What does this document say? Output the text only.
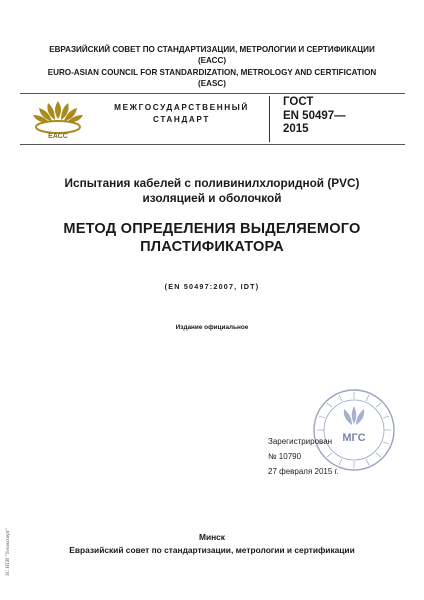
ЕВРАЗИЙСКИЙ СОВЕТ ПО СТАНДАРТИЗАЦИИ, МЕТРОЛОГИИ И СЕРТИФИКАЦИИ
(ЕАСС)
EURO-ASIAN COUNCIL FOR STANDARDIZATION, METROLOGY AND CERTIFICATION
(EASC)
ЕАСС
МЕЖГОСУДАРСТВЕННЫЙ
СТАНДАРТ
ГОСТ
EN 50497—
2015
Испытания кабелей с поливинилхлоридной (PVC)
изоляцией и оболочкой
МЕТОД ОПРЕДЕЛЕНИЯ ВЫДЕЛЯЕМОГО
ПЛАСТИФИКАТОРА
(EN 50497:2007, IDT)
Издание официальное
МГС
Зарегистрирован
№ 10790
27 февраля 2015 г.
Минск
Евразийский совет по стандартизации, метрологии и сертификации
ЗС НТИ "Техэксперт"
